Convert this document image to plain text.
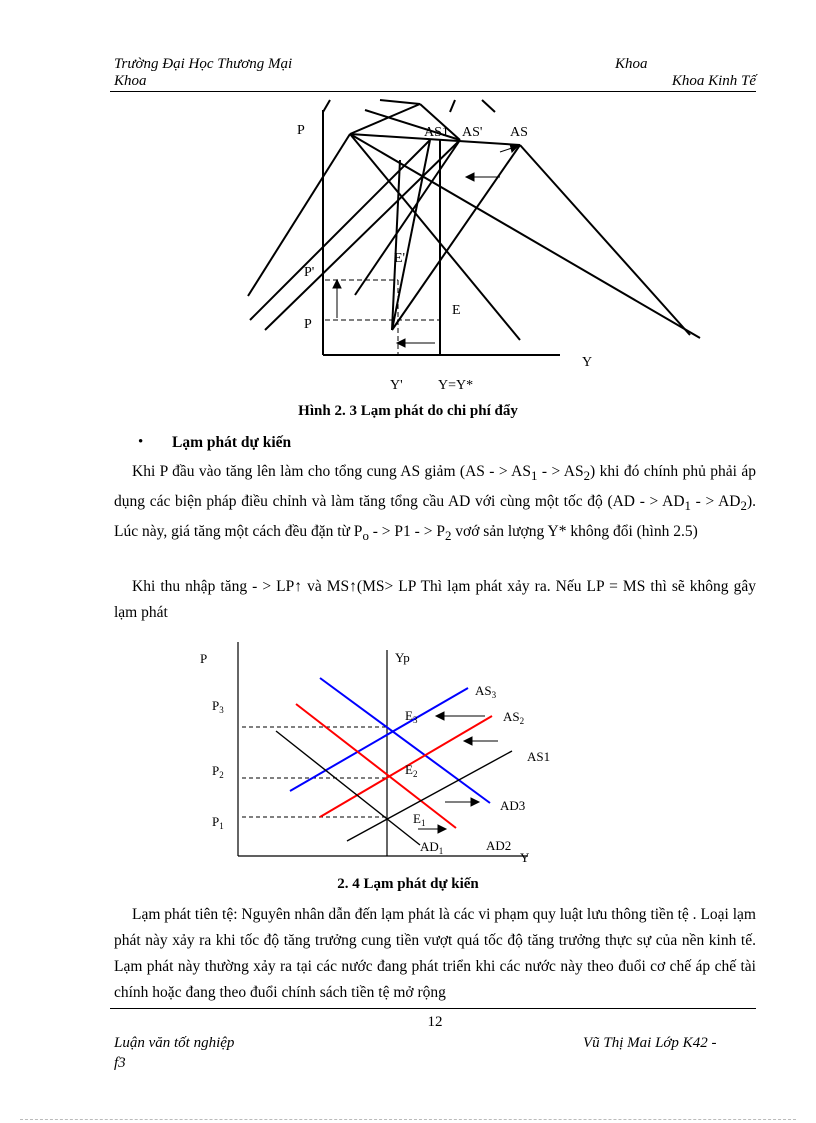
Trường Đại Học Thương Mại	Khoa
Khoa	Khoa Kinh Tế
P
Y
AS1 AS' AS
P'
P
E'
E
Y'	Y=Y*
Hình 2. 3 Lạm phát do chi phí đẩy
• Lạm phát dự kiến

Khi P đầu vào tăng lên làm cho tổng cung AS giảm (AS - > $AS_1$ - > $AS_2$) khi đó chính phủ phải áp dụng các biện pháp điều chỉnh và làm tăng tổng cầu AD với cùng một tốc độ (AD - > $AD_1$ - > $AD_2$). Lúc này, giá tăng một cách đều đặn từ $P_o$ - > P1 - > $P_2$ vơớ sản lượng Y* không đổi (hình 2.5)

Khi thu nhập tăng - > LP↑ và MS↑(MS> LP Thì lạm phát xảy ra. Nếu LP = MS thì sẽ không gây lạm phát

P	Yp
$P_3$
$P_2$
$P_1$
$AS_3$
$AS_2$
AS1
$E_3$
$E_2$
$E_1$
AD3
AD2
$AD_1$	Y
2. 4 Lạm phát dự kiến

Lạm phát tiên tệ: Nguyên nhân dẫn đến lạm phát là các vi phạm quy luật lưu thông tiền tệ . Loại lạm phát này xảy ra khi tốc độ tăng trưởng cung tiền vượt quá tốc độ tăng trưởng thực sự của nền kinh tế. Lạm phát này thường xảy ra tại các nước đang phát triển khi các nước này theo đuổi cơ chế áp chế tài chính hoặc đang theo đuổi chính sách tiền tệ mở rộng

12
Luận văn tốt nghiệp
f3
Vũ Thị Mai Lớp K42 -
